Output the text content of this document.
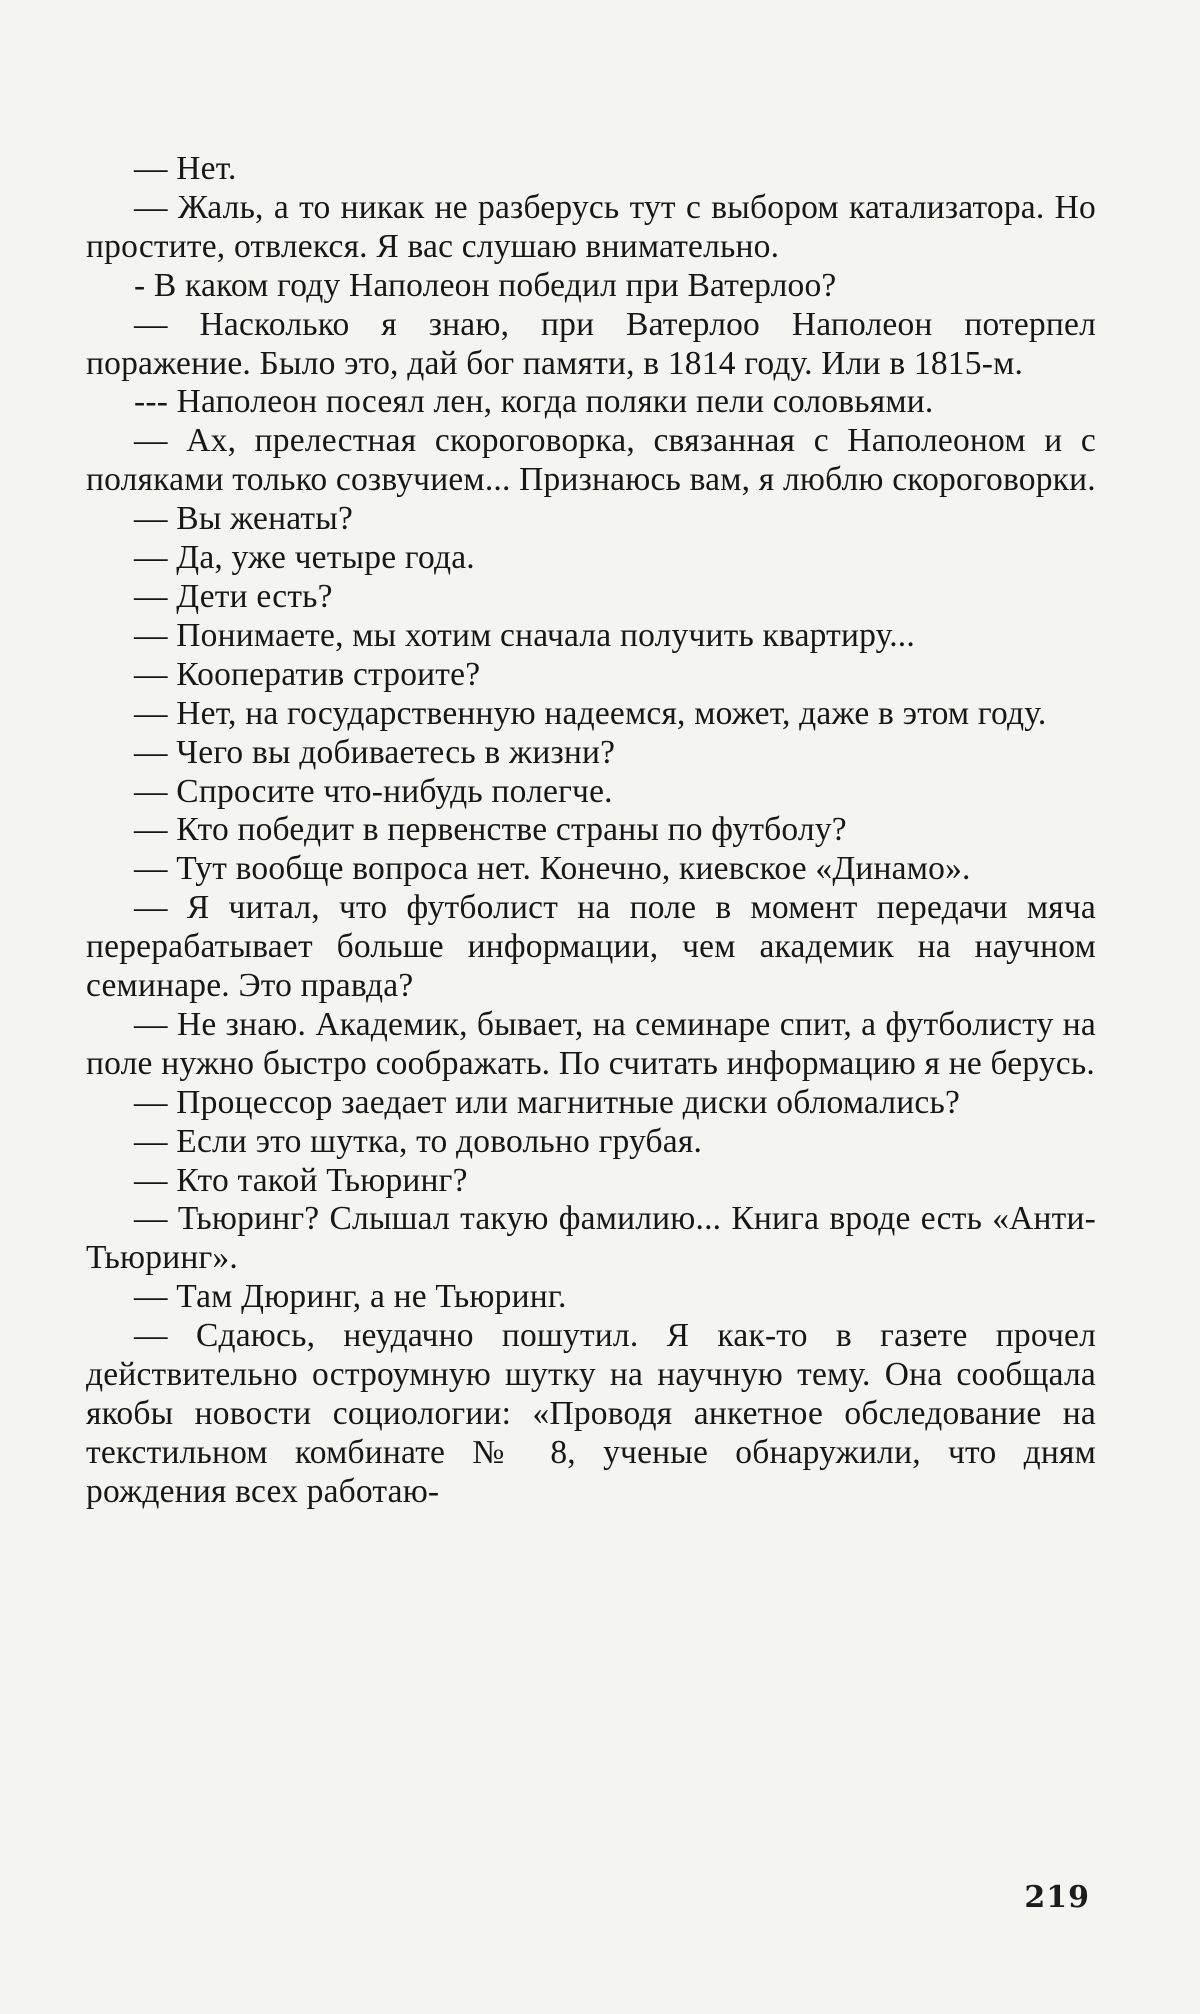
— Нет.

— Жаль, а то никак не разберусь тут с выбором катализатора. Но простите, отвлекся. Я вас слушаю внимательно.

- В каком году Наполеон победил при Ватерлоо?

— Насколько я знаю, при Ватерлоо Наполеон потерпел поражение. Было это, дай бог памяти, в 1814 году. Или в 1815-м.

--- Наполеон посеял лен, когда поляки пели соловьями.

— Ах, прелестная скороговорка, связанная с Наполеоном и с поляками только созвучием... Признаюсь вам, я люблю скороговорки.

— Вы женаты?

— Да, уже четыре года.

— Дети есть?

— Понимаете, мы хотим сначала получить квартиру...

— Кооператив строите?

— Нет, на государственную надеемся, может, даже в этом году.

— Чего вы добиваетесь в жизни?

— Спросите что-нибудь полегче.

— Кто победит в первенстве страны по футболу?

— Тут вообще вопроса нет. Конечно, киевское «Динамо».

— Я читал, что футболист на поле в момент передачи мяча перерабатывает больше информации, чем академик на научном семинаре. Это правда?

— Не знаю. Академик, бывает, на семинаре спит, а футболисту на поле нужно быстро соображать. По считать информацию я не берусь.

— Процессор заедает или магнитные диски обломались?

— Если это шутка, то довольно грубая.

— Кто такой Тьюринг?

— Тьюринг? Слышал такую фамилию... Книга вроде есть «Анти-Тьюринг».

— Там Дюринг, а не Тьюринг.

— Сдаюсь, неудачно пошутил. Я как-то в газете прочел действительно остроумную шутку на научную тему. Она сообщала якобы новости социологии: «Проводя анкетное обследование на текстильном комбинате № 8, ученые обнаружили, что дням рождения всех работаю-

219
